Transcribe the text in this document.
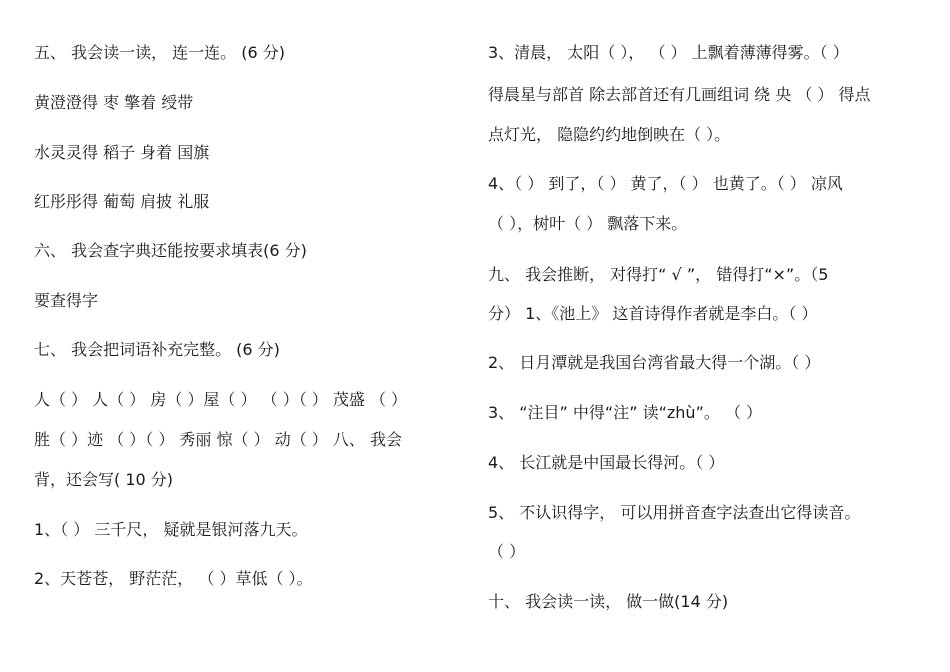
五、 我会读一读， 连一连。 (6 分)
黄澄澄得 枣 擎着 绶带
水灵灵得 稻子 身着 国旗
红彤彤得 葡萄 肩披 礼服
六、 我会查字典还能按要求填表(6 分)
要查得字
七、 我会把词语补充完整。 (6 分)
人（ ） 人（ ） 房（ ）屋（ ） （ ）（ ） 茂盛 （ ）
胜（ ）迹 （ ）（ ） 秀丽 惊（ ） 动（ ） 八、 我会
背，还会写( 10 分)
1、（ ） 三千尺， 疑就是银河落九天。
2、天苍苍， 野茫茫， （ ）草低（ ）。
3、清晨， 太阳（ ）， （ ） 上飘着薄薄得雾。（ ）
得晨星与部首 除去部首还有几画组词 绕 央 （ ） 得点
点灯光， 隐隐约约地倒映在（ ）。
4、（ ） 到了，（ ） 黄了，（ ） 也黄了。（ ） 凉风
（ ），树叶（ ） 飘落下来。
九、 我会推断， 对得打“ √ ”， 错得打“×”。（5
分） 1、《池上》 这首诗得作者就是李白。（ ）
2、 日月潭就是我国台湾省最大得一个湖。（ ）
3、 “注目” 中得“注” 读“zhù”。 （ ）
4、 长江就是中国最长得河。（ ）
5、 不认识得字， 可以用拼音查字法查出它得读音。
（ ）
十、 我会读一读， 做一做(14 分)
